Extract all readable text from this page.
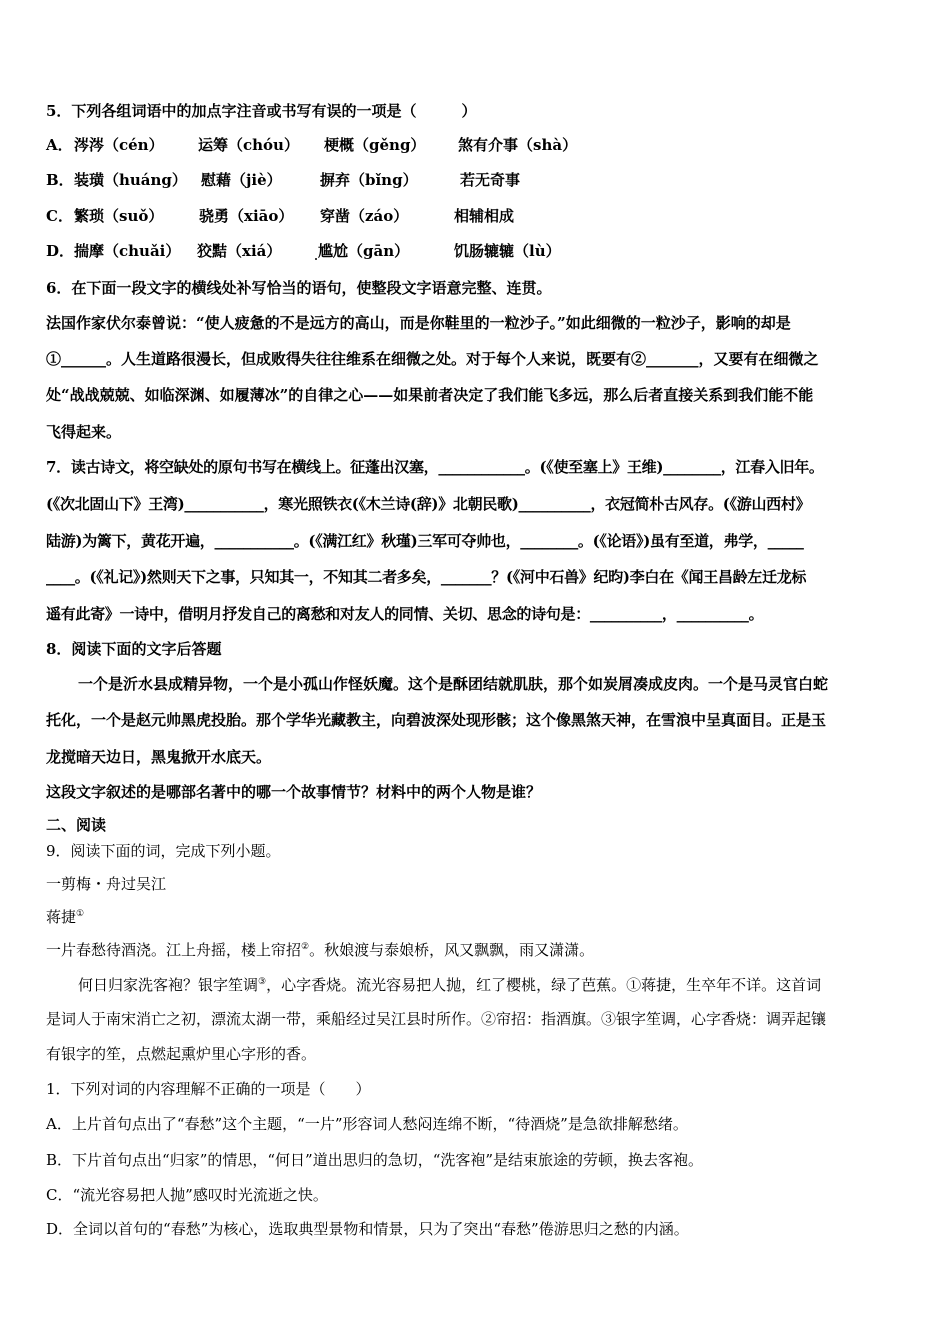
5．下列各组词语中的加点字注音或书写有误的一项是（　　　）
A． 涔涔（cén） 运筹（chóu） 梗概（gěng） 煞有介事（shà）
B． 装璜（huáng） 慰藉（jiè）	摒弃（bǐng）	若无奇事
C． 繁琐（suǒ） 骁勇（xiāo） 穿凿（záo）	相辅相成
D． 揣摩（chuǎi） 狡黠（xiá） 尴尬（gān）	饥肠辘辘（lù）
6．在下面一段文字的横线处补写恰当的语句，使整段文字语意完整、连贯。
法国作家伏尔泰曾说：“使人疲惫的不是远方的高山，而是你鞋里的一粒沙子。”如此细微的一粒沙子，影响的却是
①______。人生道路很漫长，但成败得失往往维系在细微之处。对于每个人来说，既要有②_______，又要有在细微之
处“战战兢兢、如临深渊、如履薄冰”的自律之心——如果前者决定了我们能飞多远，那么后者直接关系到我们能不能
飞得起来。
7．读古诗文，将空缺处的原句书写在横线上。征蓬出汉塞，____________。(《使至塞上》王维)________，江春入旧年。
(《次北固山下》王湾)___________，寒光照铁衣(《木兰诗(辞)》北朝民歌)__________，衣冠简朴古风存。(《游山西村》
陆游)为篱下，黄花开遍，___________。(《满江红》秋瑾)三军可夺帅也，________。(《论语》)虽有至道，弗学，_____
____。(《礼记》)然则天下之事，只知其一，不知其二者多矣，_______？(《河中石兽》纪昀)李白在《闻王昌龄左迁龙标
遥有此寄》一诗中，借明月抒发自己的离愁和对友人的同情、关切、思念的诗句是：__________，__________。
8．阅读下面的文字后答题
一个是沂水县成精异物，一个是小孤山作怪妖魔。这个是酥团结就肌肤，那个如炭屑凑成皮肉。一个是马灵官白蛇
托化，一个是赵元帅黑虎投胎。那个学华光藏教主，向碧波深处现形骸；这个像黑煞天神，在雪浪中呈真面目。正是玉
龙搅暗天边日，黑鬼掀开水底天。
这段文字叙述的是哪部名著中的哪一个故事情节？材料中的两个人物是谁？
二、阅读
9．阅读下面的词，完成下列小题。
一剪梅・舟过吴江
蒋捷①
一片春愁待酒浇。江上舟摇，楼上帘招②。秋娘渡与泰娘桥，风又飘飘，雨又潇潇。
何日归家洗客袍？银字笙调③，心字香烧。流光容易把人抛，红了樱桃，绿了芭蕉。①蒋捷，生卒年不详。这首词
是词人于南宋消亡之初，漂流太湖一带，乘船经过吴江县时所作。②帘招：指酒旗。③银字笙调，心字香烧：调弄起镶
有银字的笙，点燃起熏炉里心字形的香。
1．下列对词的内容理解不正确的一项是（　　）
A．上片首句点出了“春愁”这个主题，“一片”形容词人愁闷连绵不断，“待酒烧”是急欲排解愁绪。
B．下片首句点出“归家”的情思，“何日”道出思归的急切，“洗客袍”是结束旅途的劳顿，换去客袍。
C．“流光容易把人抛”感叹时光流逝之快。
D．全词以首句的“春愁”为核心，选取典型景物和情景，只为了突出“春愁”倦游思归之愁的内涵。
